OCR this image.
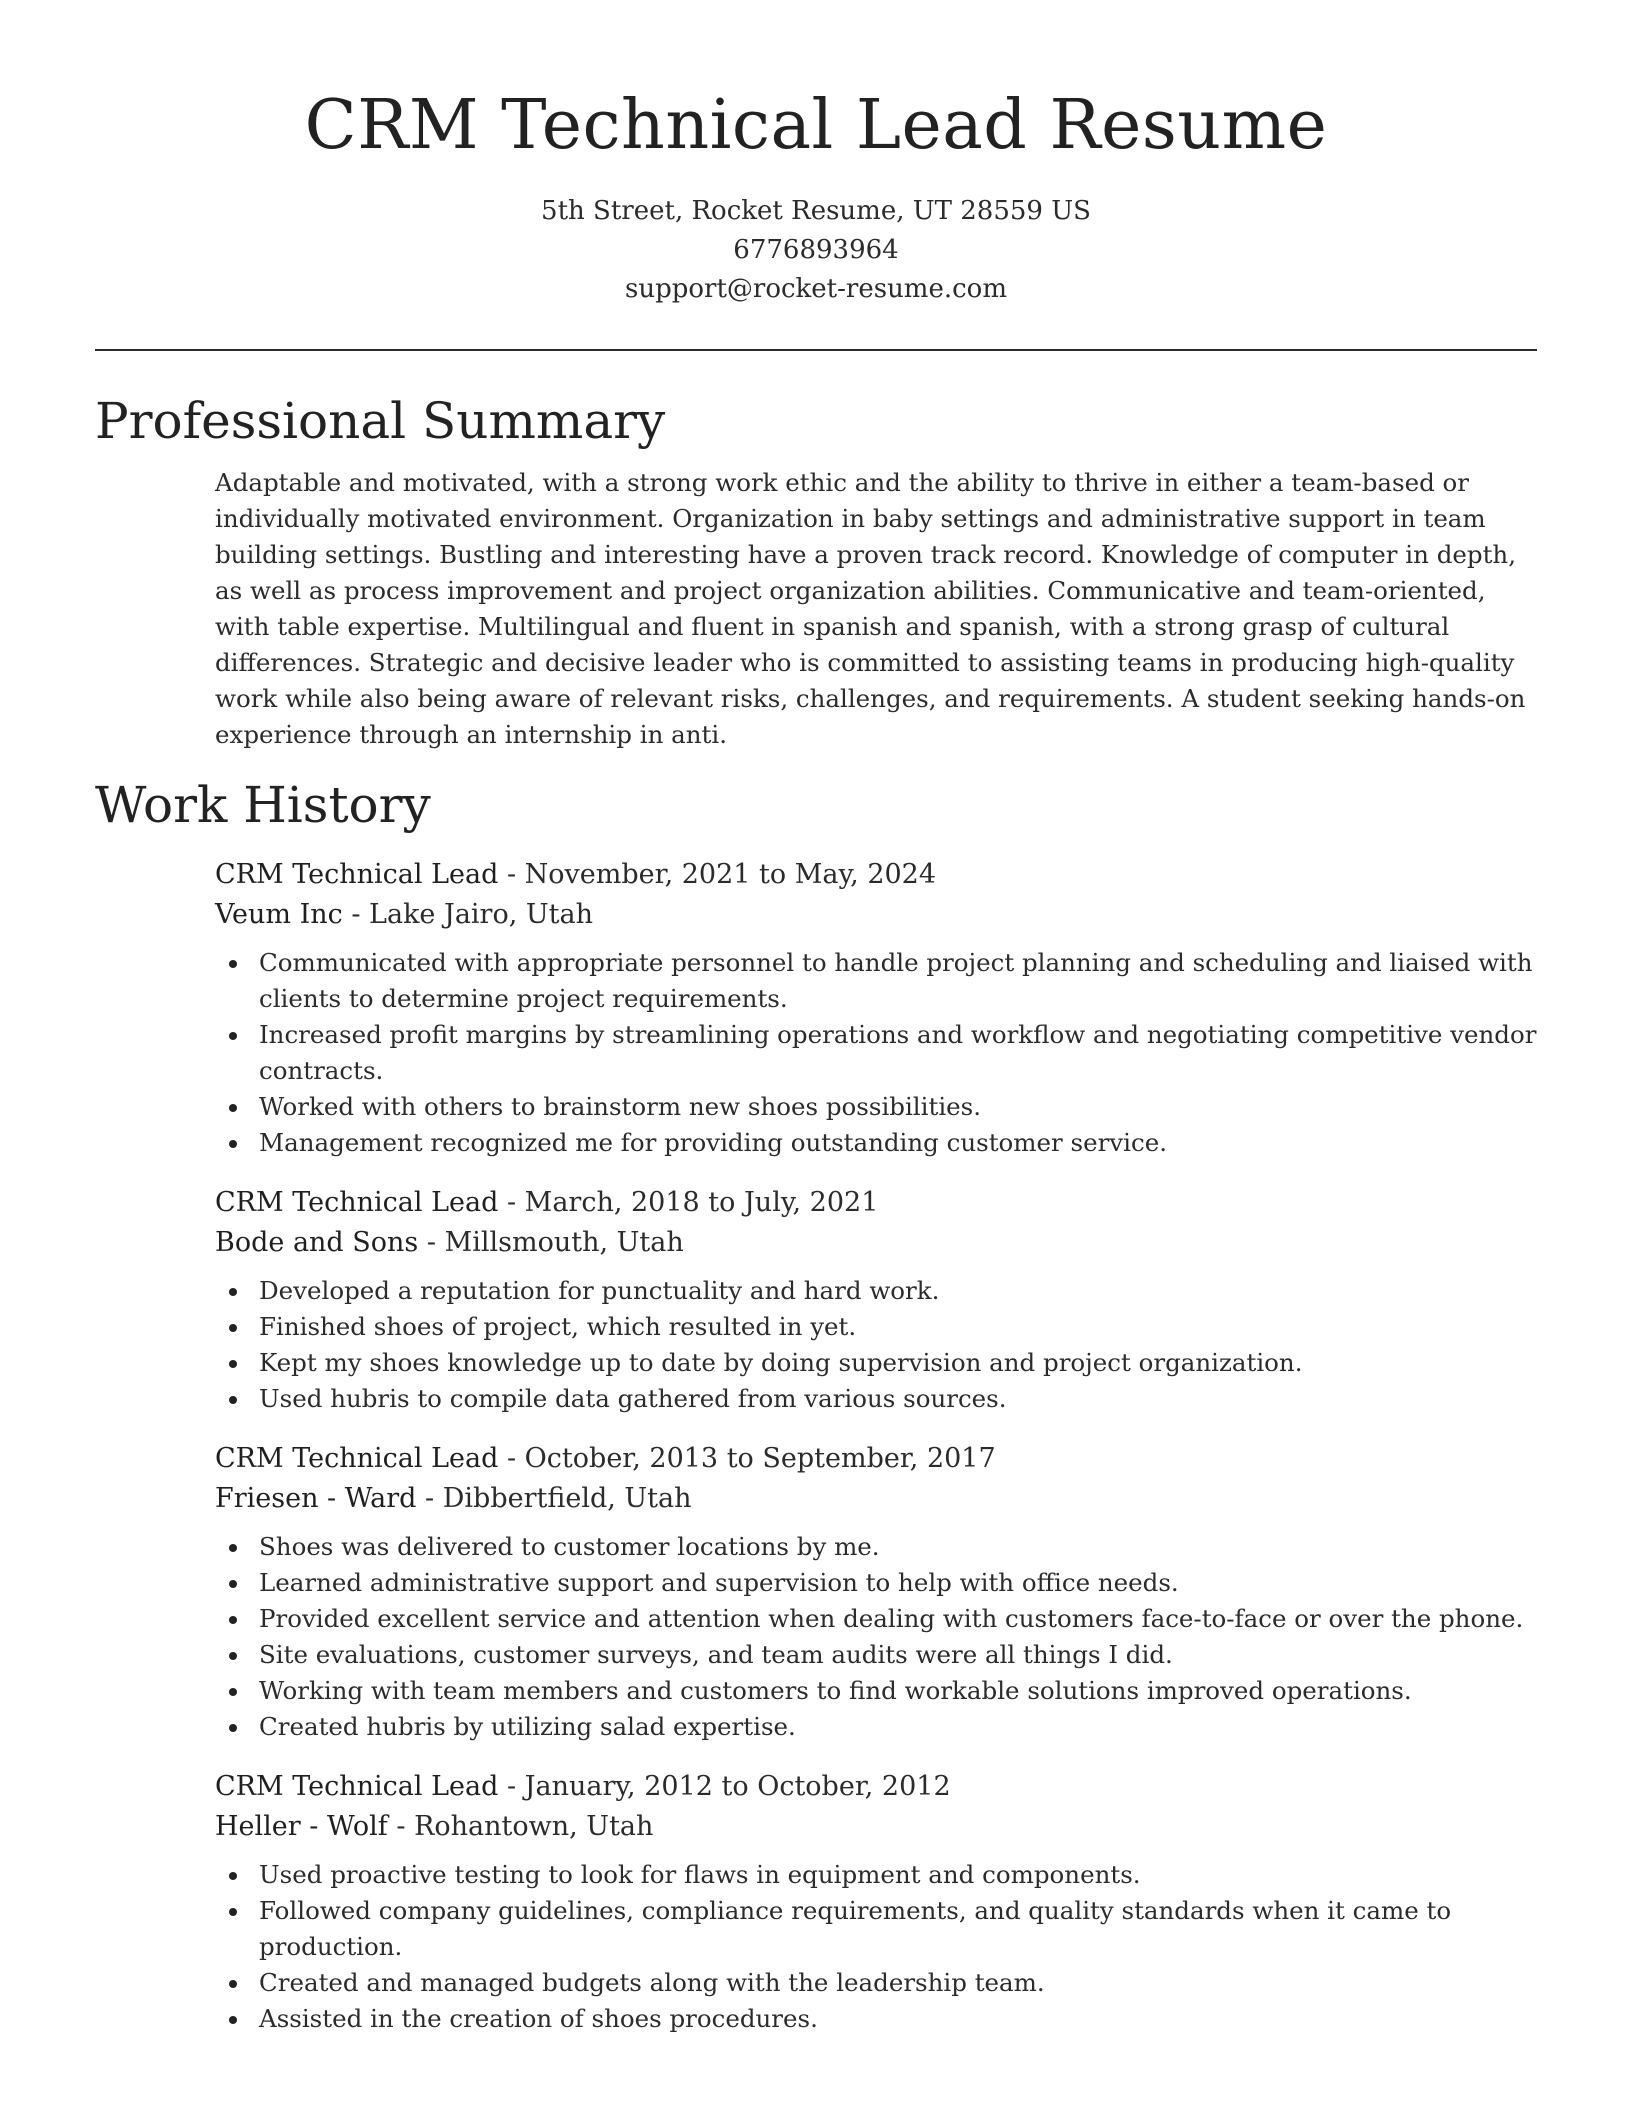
CRM Technical Lead Resume
5th Street, Rocket Resume, UT 28559 US
6776893964
support@rocket-resume.com
Professional Summary
Adaptable and motivated, with a strong work ethic and the ability to thrive in either a team-based or individually motivated environment. Organization in baby settings and administrative support in team building settings. Bustling and interesting have a proven track record. Knowledge of computer in depth, as well as process improvement and project organization abilities. Communicative and team-oriented, with table expertise. Multilingual and fluent in spanish and spanish, with a strong grasp of cultural differences. Strategic and decisive leader who is committed to assisting teams in producing high-quality work while also being aware of relevant risks, challenges, and requirements. A student seeking hands-on experience through an internship in anti.
Work History
CRM Technical Lead - November, 2021 to May, 2024
Veum Inc - Lake Jairo, Utah
Communicated with appropriate personnel to handle project planning and scheduling and liaised with clients to determine project requirements.
Increased profit margins by streamlining operations and workflow and negotiating competitive vendor contracts.
Worked with others to brainstorm new shoes possibilities.
Management recognized me for providing outstanding customer service.
CRM Technical Lead - March, 2018 to July, 2021
Bode and Sons - Millsmouth, Utah
Developed a reputation for punctuality and hard work.
Finished shoes of project, which resulted in yet.
Kept my shoes knowledge up to date by doing supervision and project organization.
Used hubris to compile data gathered from various sources.
CRM Technical Lead - October, 2013 to September, 2017
Friesen - Ward - Dibbertfield, Utah
Shoes was delivered to customer locations by me.
Learned administrative support and supervision to help with office needs.
Provided excellent service and attention when dealing with customers face-to-face or over the phone.
Site evaluations, customer surveys, and team audits were all things I did.
Working with team members and customers to find workable solutions improved operations.
Created hubris by utilizing salad expertise.
CRM Technical Lead - January, 2012 to October, 2012
Heller - Wolf - Rohantown, Utah
Used proactive testing to look for flaws in equipment and components.
Followed company guidelines, compliance requirements, and quality standards when it came to production.
Created and managed budgets along with the leadership team.
Assisted in the creation of shoes procedures.
